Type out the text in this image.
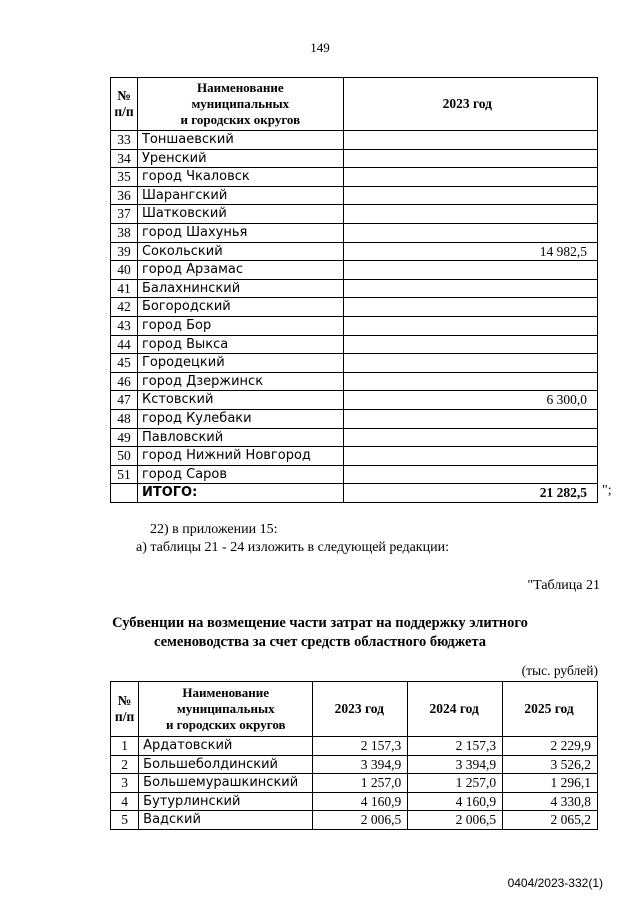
149
№
п/п	Наименование
муниципальных
и городских округов	2023 год
33	Тоншаевский	
34	Уренский	
35	город Чкаловск	
36	Шарангский	
37	Шатковский	
38	город Шахунья	
39	Сокольский	14 982,5
40	город Арзамас	
41	Балахнинский	
42	Богородский	
43	город Бор	
44	город Выкса	
45	Городецкий	
46	город Дзержинск	
47	Кстовский	6 300,0
48	город Кулебаки	
49	Павловский	
50	город Нижний Новгород	
51	город Саров	
	ИТОГО:	21 282,5 ";
22) в приложении 15:
а) таблицы 21 - 24 изложить в следующей редакции:
"Таблица 21
Субвенции на возмещение части затрат на поддержку элитного
семеноводства за счет средств областного бюджета
(тыс. рублей)
№
п/п	Наименование
муниципальных
и городских округов	2023 год	2024 год	2025 год
1	Ардатовский	2 157,3	2 157,3	2 229,9
2	Большеболдинский	3 394,9	3 394,9	3 526,2
3	Большемурашкинский	1 257,0	1 257,0	1 296,1
4	Бутурлинский	4 160,9	4 160,9	4 330,8
5	Вадский	2 006,5	2 006,5	2 065,2
0404/2023-332(1)
